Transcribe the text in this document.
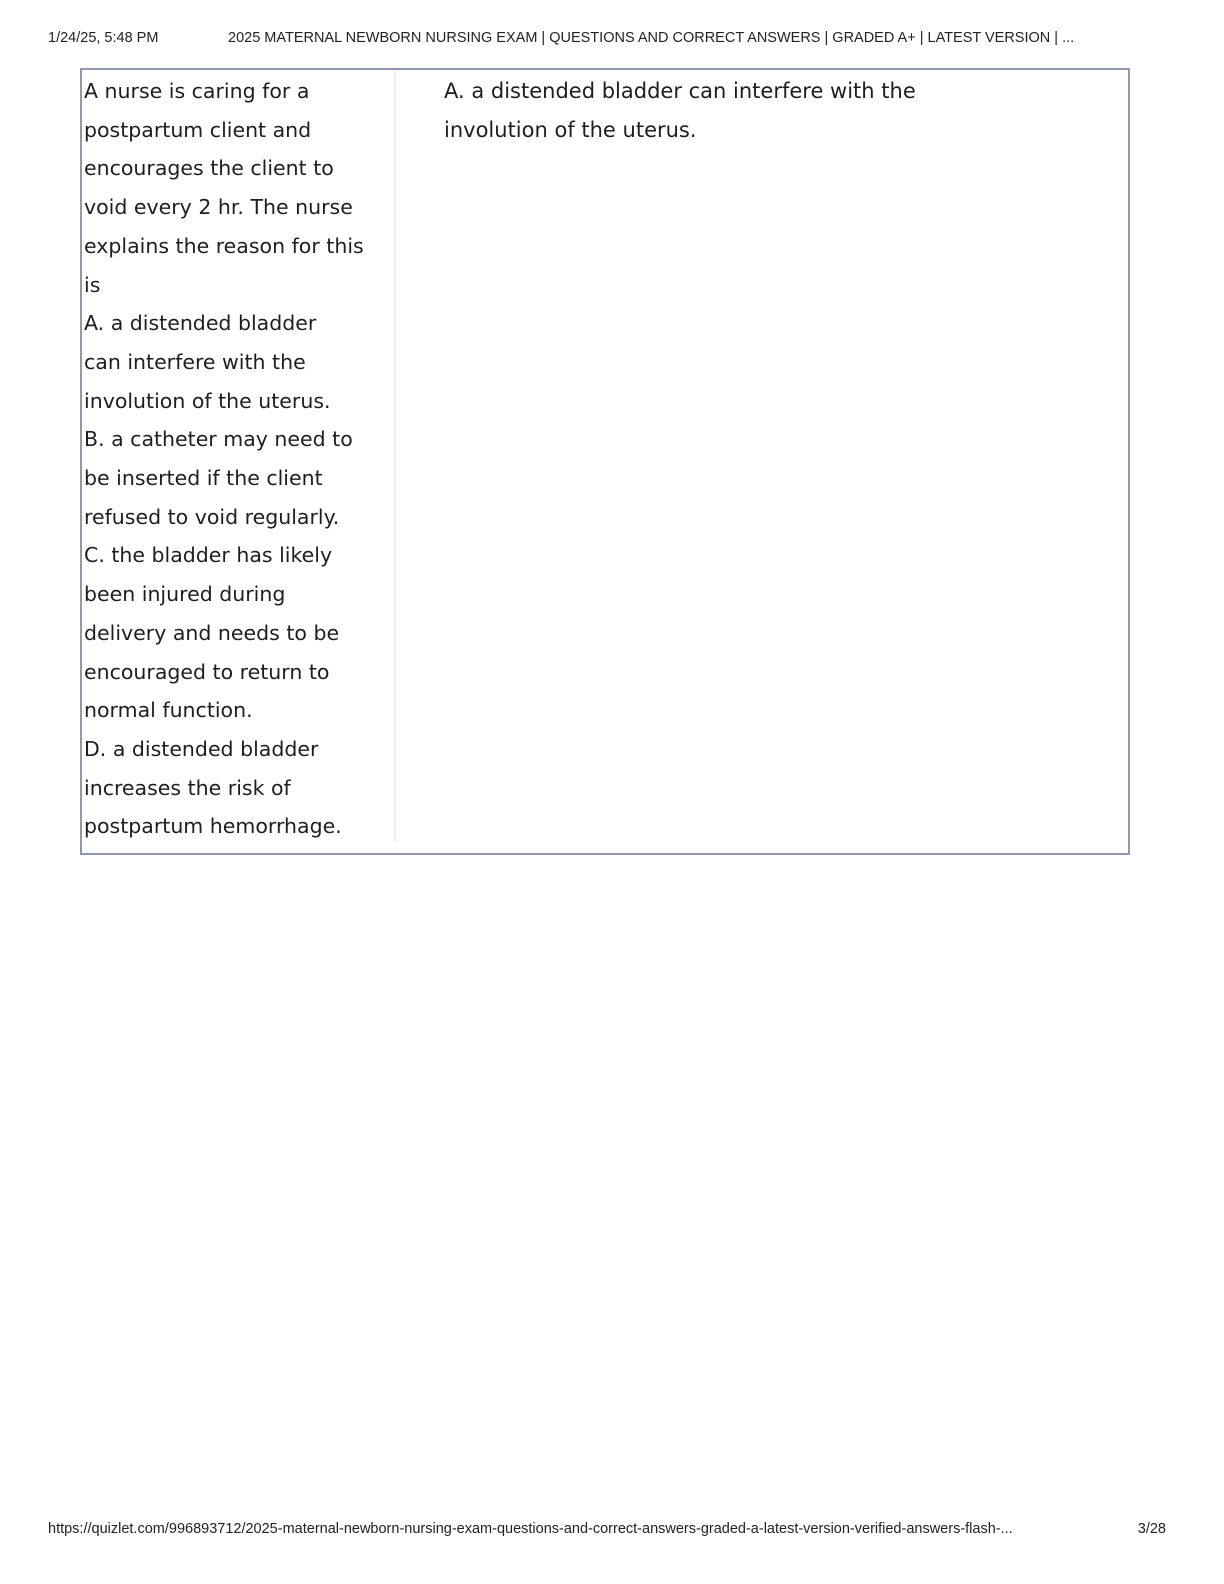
1/24/25, 5:48 PM	2025 MATERNAL NEWBORN NURSING EXAM | QUESTIONS AND CORRECT ANSWERS | GRADED A+ | LATEST VERSION | ...

A nurse is caring for a

postpartum client and

encourages the client to

void every 2 hr. The nurse

explains the reason for this

is

A. a distended bladder

can interfere with the

involution of the uterus.

B. a catheter may need to

be inserted if the client

refused to void regularly.

C. the bladder has likely

been injured during

delivery and needs to be

encouraged to return to

normal function.

D. a distended bladder

increases the risk of

postpartum hemorrhage.

A. a distended bladder can interfere with the

involution of the uterus.

https://quizlet.com/996893712/2025-maternal-newborn-nursing-exam-questions-and-correct-answers-graded-a-latest-version-verified-answers-flash-...	3/28
